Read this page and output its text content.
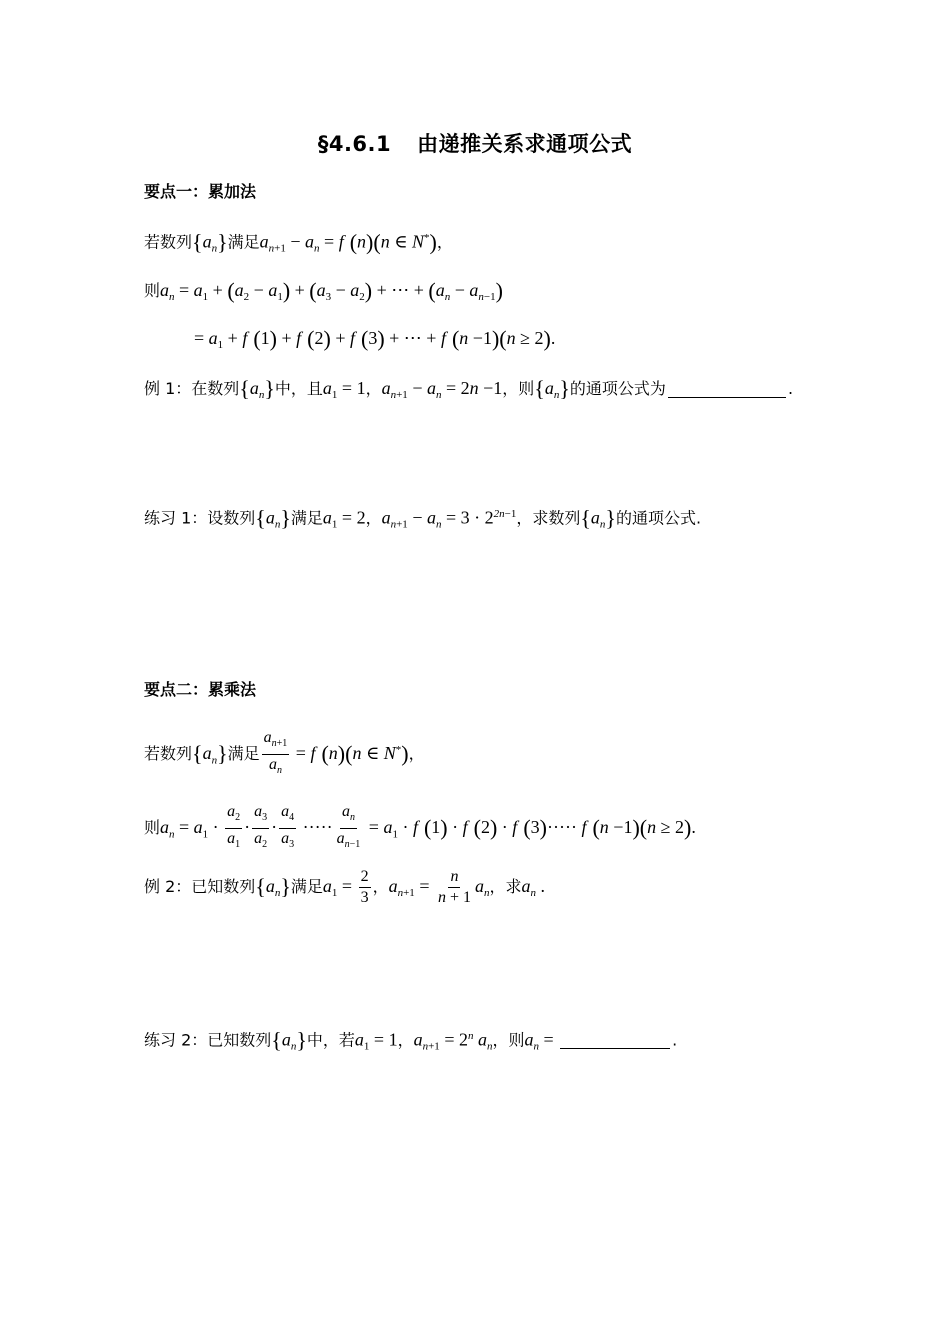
§4.6.1 由递推关系求通项公式
要点一：累加法
若数列$\{a_n\}$满足$a_{n+1} - a_n = f$ (n)(n ∈ N*)，
则$a_n = a_1 + (a_2 - a_1) + (a_3 - a_2)$ + ⋯ + $(a_n - a_{n-1})$
= $a_1 + f$ (1) + f (2) + f (3) + ⋯ + f (n −1)(n ≥ 2).
例 1：在数列$\{a_n\}$中，且$a_1 = 1$，$a_{n+1} - a_n = 2n -1$，则$\{a_n\}$的通项公式为	.
练习 1：设数列$\{a_n\}$满足$a_1 = 2$，$a_{n+1} - a_n = 3 \cdot 2^{2n-1}$，求数列$\{a_n\}$的通项公式.
要点二：累乘法
若数列$\{a_n\}$满足 $\frac{a_{n+1}}{a_n} = f$ (n)(n ∈ N*)，
则$a_n = a_1 \cdot \frac{a_2}{a_1} \cdot \frac{a_3}{a_2} \cdot \frac{a_4}{a_3}$ ····· $\frac{a_n}{a_{n-1}} = a_1 \cdot f$ (1) · f (2) · f (3)····· f (n −1)(n ≥ 2).
例 2：已知数列$\{a_n\}$满足$a_1 = \frac{2}{3}$ ，$a_{n+1} = \frac{n}{n + 1} a_n$，求$a_n$ .
练习 2：已知数列$\{a_n\}$中，若$a_1 = 1$，$a_{n+1} = 2^n$ $a_n$，则$a_n$ =	.
